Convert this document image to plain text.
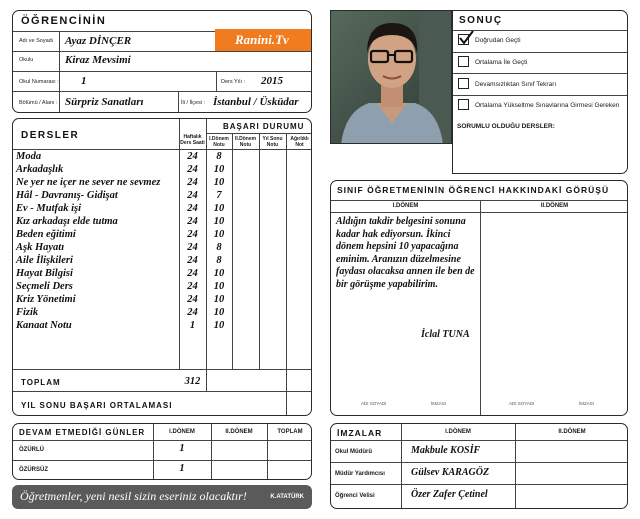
ÖĞRENCİNİN
Adı ve Soyadı Ayaz DİNÇER	Ranini.Tv
Okulu	Kiraz Mevsimi
Okul Numarası : 1	Ders Yılı : 2015
Bölümü / Alanı : Sürpriz Sanatları	İli / İlçesi : İstanbul / Üsküdar
DERSLER
BAŞARI DURUMU
Haftalık Ders Saati
I.Dönem Notu
II.Dönem Notu
Yıl Sonu Notu
Ağırlıklı Not
Moda	24	8
Arkadaşlık	24	10
Ne yer ne içer ne sever ne sevmez	24	10
Hâl - Davranış- Gidişat	24	7
Ev - Mutfak işi	24	10
Kız arkadaşı elde tutma	24	10
Beden eğitimi	24	10
Aşk Hayatı	24	8
Aile İlişkileri	24	8
Hayat Bilgisi	24	10
Seçmeli Ders	24	10
Kriz Yönetimi	24	10
Fizik	24	10
Kanaat Notu	1	10
TOPLAM	312
YIL SONU BAŞARI ORTALAMASI
DEVAM ETMEDİĞİ GÜNLER	I.DÖNEM	II.DÖNEM	TOPLAM
ÖZÜRLÜ	1
ÖZÜRSÜZ	1
Öğretmenler, yeni nesil sizin eseriniz olacaktır!	K.ATATÜRK
SONUÇ
Doğrudan Geçti
Ortalama İle Geçti
Devamsızlıktan Sınıf Tekrarı
Ortalama Yükseltme Sınavlarına Girmesi Gereken
SORUMLU OLDUĞU DERSLER:
SINIF ÖĞRETMENİNİN ÖĞRENCİ HAKKINDAKİ GÖRÜŞÜ
I.DÖNEM	II.DÖNEM
Aldığın takdir belgesini sonuna kadar hak ediyorsun. İkinci dönem hepsini 10 yapacağına eminim. Aranızın düzelmesine faydası olacaksa annen ile ben de bir görüşme yapabilirim.
İclal TUNA
ADI SOYADI	İMZASI	ADI SOYADI	İMZASI
İMZALAR	I.DÖNEM	II.DÖNEM
Okul Müdürü	Makbule KOSİF
Müdür Yardımcısı	Gülsev KARAGÖZ
Öğrenci Velisi	Özer Zafer Çetinel
